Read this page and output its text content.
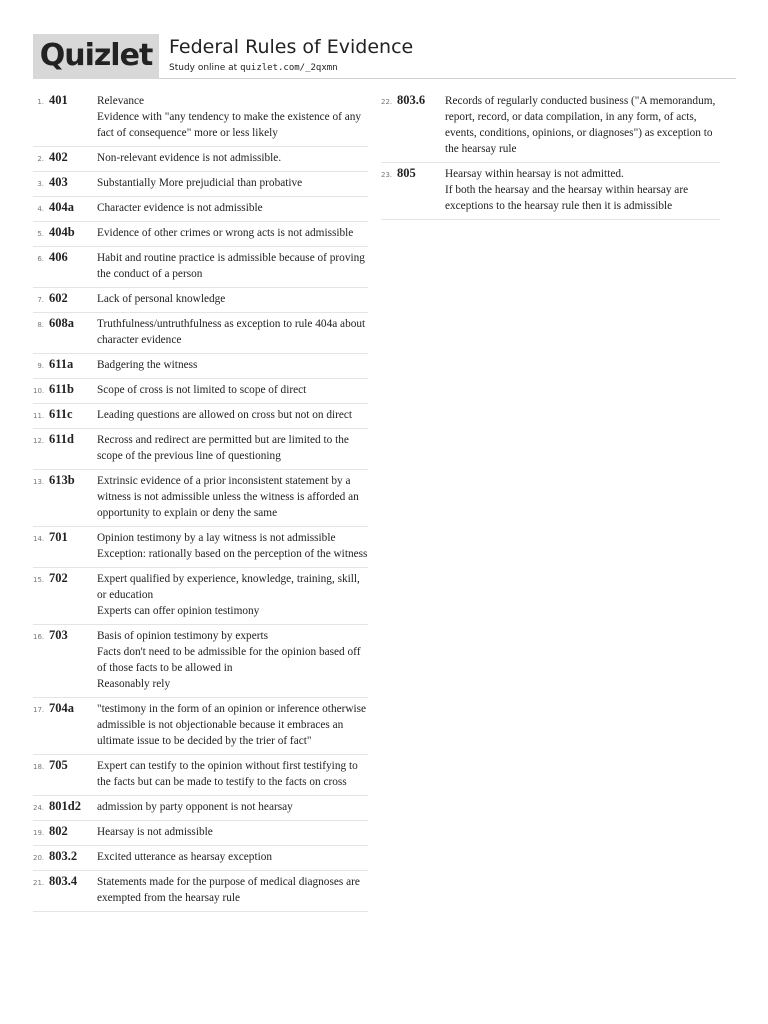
Quizlet Federal Rules of Evidence
Study online at quizlet.com/_2qxmn
1. 401	Relevance
Evidence with "any tendency to make the existence of any fact of consequence" more or less likely
2. 402	Non-relevant evidence is not admissible.
3. 403	Substantially More prejudicial than probative
4. 404a Character evidence is not admissible
5. 404b Evidence of other crimes or wrong acts is not admissible
6. 406	Habit and routine practice is admissible because of proving the conduct of a person
7. 602	Lack of personal knowledge
8. 608a Truthfulness/untruthfulness as exception to rule 404a about character evidence
9. 611a Badgering the witness
10. 611b Scope of cross is not limited to scope of direct
11. 611c Leading questions are allowed on cross but not on direct
12. 611d Recross and redirect are permitted but are limited to the scope of the previous line of questioning
13. 613b Extrinsic evidence of a prior inconsistent statement by a witness is not admissible unless the witness is afforded an opportunity to explain or deny the same
14. 701	Opinion testimony by a lay witness is not admissible
Exception: rationally based on the perception of the witness
15. 702	Expert qualified by experience, knowledge, training, skill, or education
Experts can offer opinion testimony
16. 703	Basis of opinion testimony by experts
Facts don't need to be admissible for the opinion based off of those facts to be allowed in
Reasonably rely
17. 704a "testimony in the form of an opinion or inference otherwise admissible is not objectionable because it embraces an ultimate issue to be decided by the trier of fact"
18. 705	Expert can testify to the opinion without first testifying to the facts but can be made to testify to the facts on cross
24. 801d2 admission by party opponent is not hearsay
19. 802	Hearsay is not admissible
20. 803.2 Excited utterance as hearsay exception
21. 803.4 Statements made for the purpose of medical diagnoses are exempted from the hearsay rule
22. 803.6 Records of regularly conducted business ("A memorandum, report, record, or data compilation, in any form, of acts, events, conditions, opinions, or diagnoses") as exception to the hearsay rule
23. 805	Hearsay within hearsay is not admitted.
If both the hearsay and the hearsay within hearsay are exceptions to the hearsay rule then it is admissible
